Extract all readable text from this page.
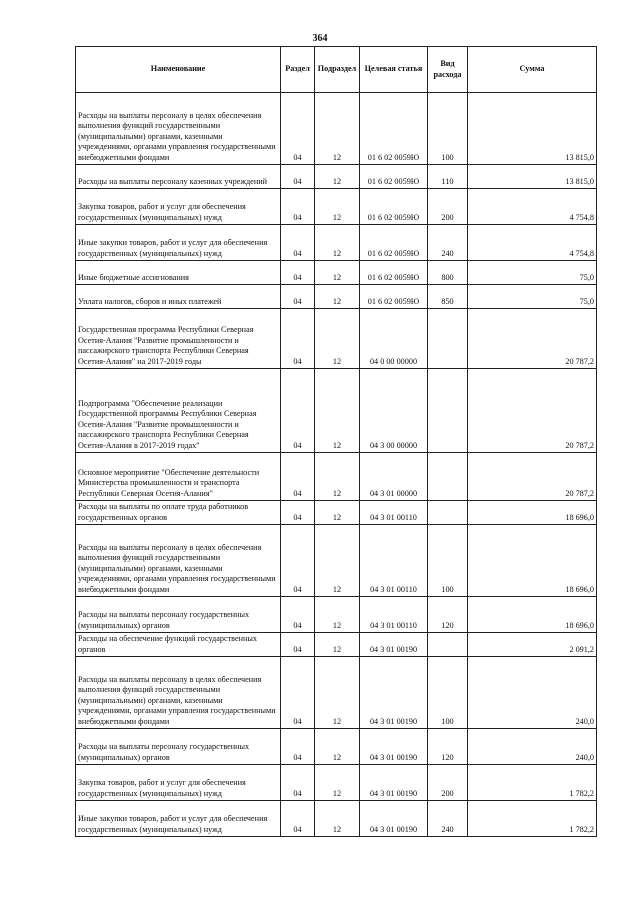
364
Наименование	Раздел	Подраздел	Целевая статья	Вид расхода	Сумма
Расходы на выплаты персоналу в целях обеспечения выполнения функций государственными (муниципальными) органами, казенными учреждениями, органами управления государственными внебюджетными фондами	04	12	01 6 02 0059Ю	100	13 815,0
Расходы на выплаты персоналу казенных учреждений	04	12	01 6 02 0059Ю	110	13 815,0
Закупка товаров, работ и услуг для обеспечения государственных (муниципальных) нужд	04	12	01 6 02 0059Ю	200	4 754,8
Иные закупки товаров, работ и услуг для обеспечения государственных (муниципальных) нужд	04	12	01 6 02 0059Ю	240	4 754,8
Иные бюджетные ассигнования	04	12	01 6 02 0059Ю	800	75,0
Уплата налогов, сборов и иных платежей	04	12	01 6 02 0059Ю	850	75,0
Государственная программа Республики Северная Осетия-Алания "Развитие промышленности и пассажирского транспорта Республики Северная Осетия-Алания" на 2017-2019 годы	04	12	04 0 00 00000		20 787,2
Подпрограмма "Обеспечение реализации Государственной программы Республики Северная Осетия-Алания "Развитие промышленности и пассажирского транспорта Республики Северная Осетия-Алания в 2017-2019 годах"	04	12	04 3 00 00000		20 787,2
Основное мероприятие "Обеспечение деятельности Министерства промышленности и транспорта Республики Северная Осетия-Алания"	04	12	04 3 01 00000		20 787,2
Расходы на выплаты по оплате труда работников государственных органов	04	12	04 3 01 00110		18 696,0
Расходы на выплаты персоналу в целях обеспечения выполнения функций государственными (муниципальными) органами, казенными учреждениями, органами управления государственными внебюджетными фондами	04	12	04 3 01 00110	100	18 696,0
Расходы на выплаты персоналу государственных (муниципальных) органов	04	12	04 3 01 00110	120	18 696,0
Расходы на обеспечение функций государственных органов	04	12	04 3 01 00190		2 091,2
Расходы на выплаты персоналу в целях обеспечения выполнения функций государственными (муниципальными) органами, казенными учреждениями, органами управления государственными внебюджетными фондами	04	12	04 3 01 00190	100	240,0
Расходы на выплаты персоналу государственных (муниципальных) органов	04	12	04 3 01 00190	120	240,0
Закупка товаров, работ и услуг для обеспечения государственных (муниципальных) нужд	04	12	04 3 01 00190	200	1 782,2
Иные закупки товаров, работ и услуг для обеспечения государственных (муниципальных) нужд	04	12	04 3 01 00190	240	1 782,2
